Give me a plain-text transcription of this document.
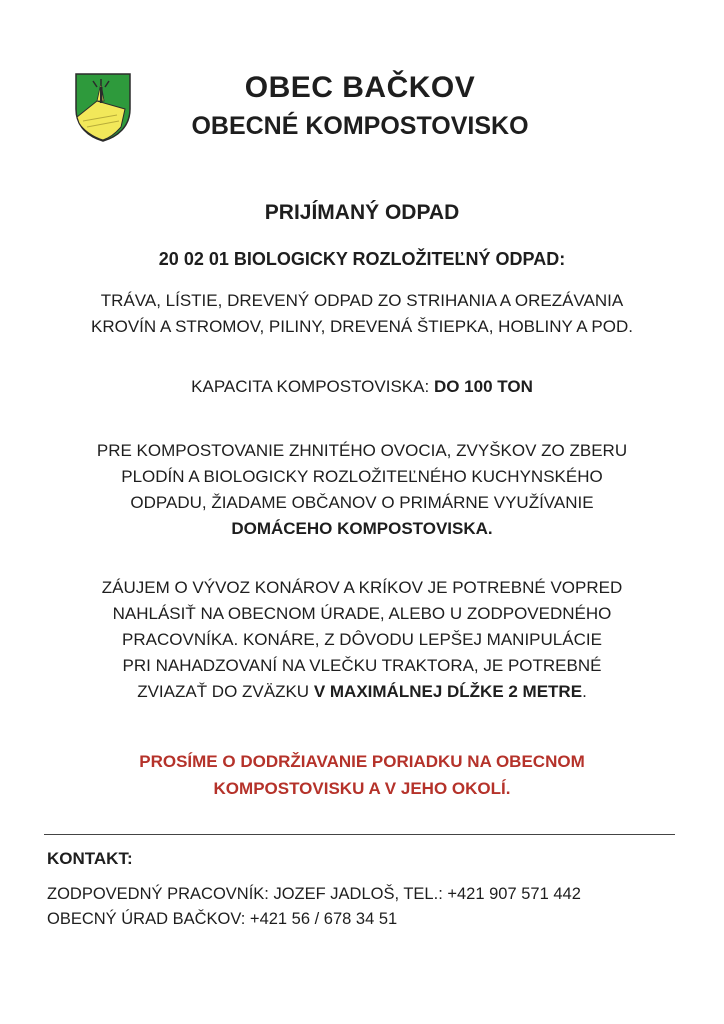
OBEC BAČKOV
OBECNÉ KOMPOSTOVISKO
PRIJÍMANÝ ODPAD
20 02 01 BIOLOGICKY ROZLOŽITEĽNÝ ODPAD:
TRÁVA, LÍSTIE, DREVENÝ ODPAD ZO STRIHANIA A OREZÁVANIA
KROVÍN A STROMOV, PILINY, DREVENÁ ŠTIEPKA, HOBLINY A POD.
KAPACITA KOMPOSTOVISKA: DO 100 TON
PRE KOMPOSTOVANIE ZHNITÉHO OVOCIA, ZVYŠKOV ZO ZBERU
PLODÍN A BIOLOGICKY ROZLOŽITEĽNÉHO KUCHYNSKÉHO
ODPADU, ŽIADAME OBČANOV O PRIMÁRNE VYUŽÍVANIE
DOMÁCEHO KOMPOSTOVISKA.
ZÁUJEM O VÝVOZ KONÁROV A KRÍKOV JE POTREBNÉ VOPRED
NAHLÁSIŤ NA OBECNOM ÚRADE, ALEBO U ZODPOVEDNÉHO
PRACOVNÍKA. KONÁRE, Z DÔVODU LEPŠEJ MANIPULÁCIE
PRI NAHADZOVANÍ NA VLEČKU TRAKTORA, JE POTREBNÉ
ZVIAZAŤ DO ZVÄZKU V MAXIMÁLNEJ DĹŽKE 2 METRE.
PROSÍME O DODRŽIAVANIE PORIADKU NA OBECNOM
KOMPOSTOVISKU A V JEHO OKOLÍ.
KONTAKT:
ZODPOVEDNÝ PRACOVNÍK: JOZEF JADLOŠ, TEL.: +421 907 571 442
OBECNÝ ÚRAD BAČKOV: +421 56 / 678 34 51
